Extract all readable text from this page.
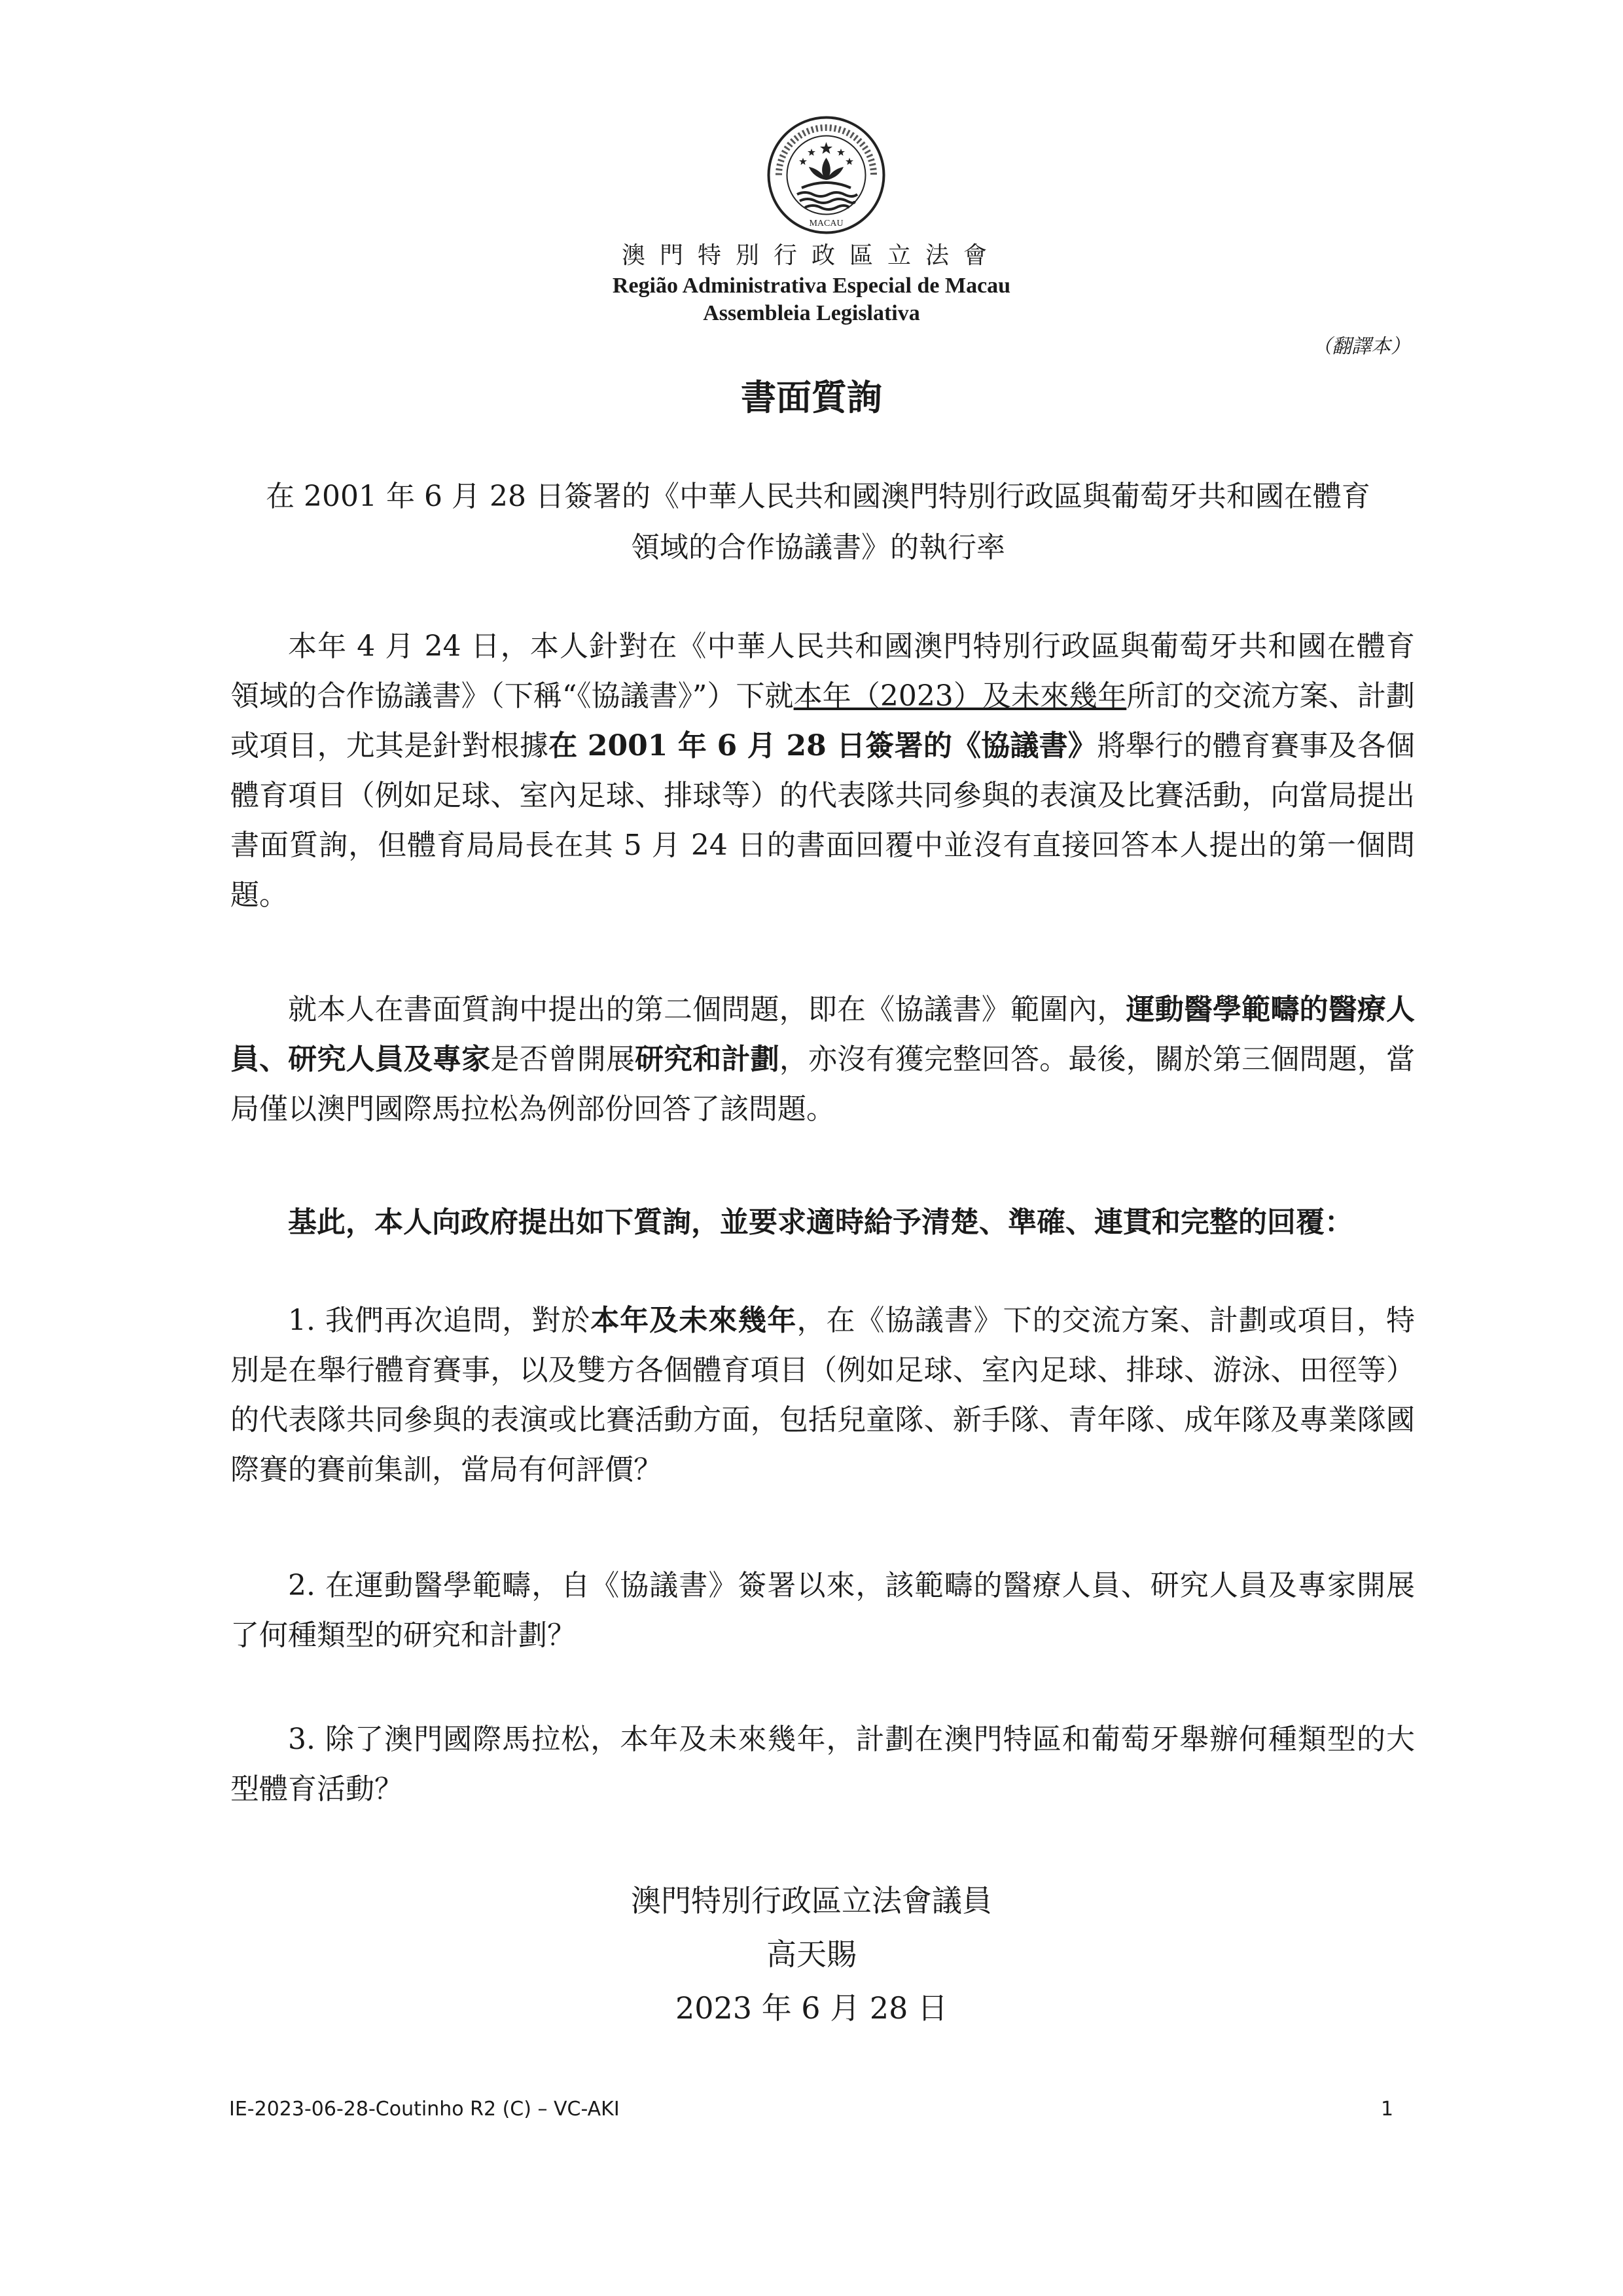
MACAU
澳門特別行政區立法會
Região Administrativa Especial de Macau
Assembleia Legislativa
（翻譯本）
書面質詢
在 2001 年 6 月 28 日簽署的《中華人民共和國澳門特別行政區與葡萄牙共和國在體育
領域的合作協議書》的執行率
本年 4 月 24 日，本人針對在《中華人民共和國澳門特別行政區與葡萄牙共和國在體育領域的合作協議書》（下稱“《協議書》”）下就本年（2023）及未來幾年所訂的交流方案、計劃或項目，尤其是針對根據在 2001 年 6 月 28 日簽署的《協議書》將舉行的體育賽事及各個體育項目（例如足球、室內足球、排球等）的代表隊共同參與的表演及比賽活動，向當局提出書面質詢，但體育局局長在其 5 月 24 日的書面回覆中並沒有直接回答本人提出的第一個問題。
就本人在書面質詢中提出的第二個問題，即在《協議書》範圍內，運動醫學範疇的醫療人員、研究人員及專家是否曾開展研究和計劃，亦沒有獲完整回答。最後，關於第三個問題，當局僅以澳門國際馬拉松為例部份回答了該問題。
基此，本人向政府提出如下質詢，並要求適時給予清楚、準確、連貫和完整的回覆：
1. 我們再次追問，對於本年及未來幾年，在《協議書》下的交流方案、計劃或項目，特別是在舉行體育賽事，以及雙方各個體育項目（例如足球、室內足球、排球、游泳、田徑等）的代表隊共同參與的表演或比賽活動方面，包括兒童隊、新手隊、青年隊、成年隊及專業隊國際賽的賽前集訓，當局有何評價？
2. 在運動醫學範疇，自《協議書》簽署以來，該範疇的醫療人員、研究人員及專家開展了何種類型的研究和計劃？
3. 除了澳門國際馬拉松，本年及未來幾年，計劃在澳門特區和葡萄牙舉辦何種類型的大型體育活動？
澳門特別行政區立法會議員
高天賜
2023 年 6 月 28 日
IE-2023-06-28-Coutinho R2 (C) – VC-AKI	1
